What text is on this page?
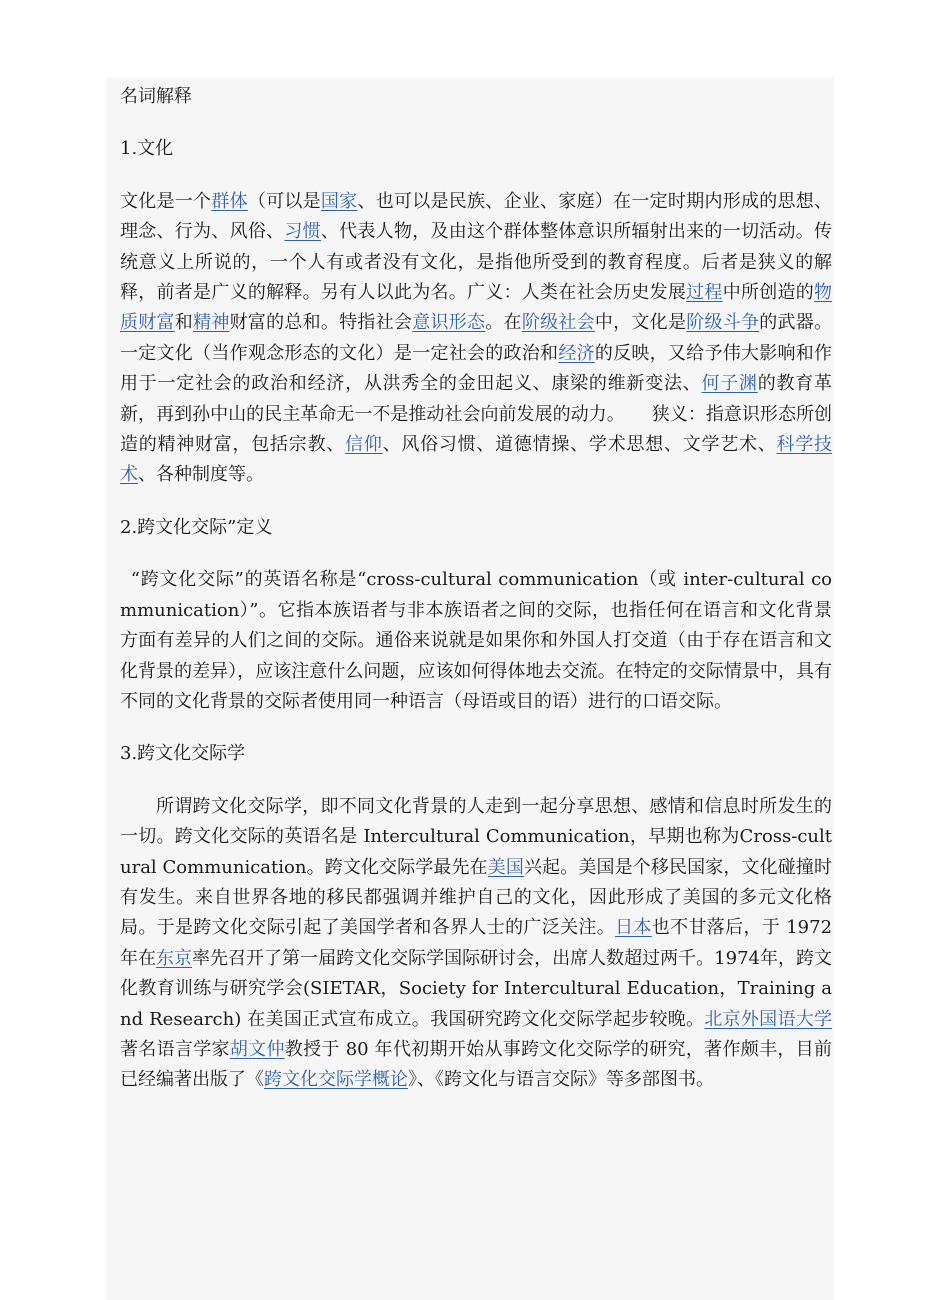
名词解释

1.文化

文化是一个群体（可以是国家、也可以是民族、企业、家庭）在一定时期内形成的思想、理念、行为、风俗、习惯、代表人物，及由这个群体整体意识所辐射出来的一切活动。传统意义上所说的，一个人有或者没有文化，是指他所受到的教育程度。后者是狭义的解释，前者是广义的解释。另有人以此为名。广义：人类在社会历史发展过程中所创造的物质财富和精神财富的总和。特指社会意识形态。在阶级社会中，文化是阶级斗争的武器。一定文化（当作观念形态的文化）是一定社会的政治和经济的反映，又给予伟大影响和作用于一定社会的政治和经济，从洪秀全的金田起义、康梁的维新变法、何子渊的教育革新，再到孙中山的民主革命无一不是推动社会向前发展的动力。　　狭义：指意识形态所创造的精神财富，包括宗教、信仰、风俗习惯、道德情操、学术思想、文学艺术、科学技术、各种制度等。

2.跨文化交际”定义

“跨文化交际”的英语名称是“cross-cultural communication（或 inter-cultural communication）”。它指本族语者与非本族语者之间的交际，也指任何在语言和文化背景方面有差异的人们之间的交际。通俗来说就是如果你和外国人打交道（由于存在语言和文化背景的差异），应该注意什么问题，应该如何得体地去交流。在特定的交际情景中，具有不同的文化背景的交际者使用同一种语言（母语或目的语）进行的口语交际。

3.跨文化交际学

所谓跨文化交际学，即不同文化背景的人走到一起分享思想、感情和信息时所发生的一切。跨文化交际的英语名是 Intercultural Communication，早期也称为Cross-cultural Communication。跨文化交际学最先在美国兴起。美国是个移民国家，文化碰撞时有发生。来自世界各地的移民都强调并维护自己的文化，因此形成了美国的多元文化格局。于是跨文化交际引起了美国学者和各界人士的广泛关注。日本也不甘落后，于 1972 年在东京率先召开了第一届跨文化交际学国际研讨会，出席人数超过两千。1974年，跨文化教育训练与研究学会(SIETAR，Society for Intercultural Education，Training and Research) 在美国正式宣布成立。我国研究跨文化交际学起步较晚。北京外国语大学著名语言学家胡文仲教授于 80 年代初期开始从事跨文化交际学的研究，著作颇丰，目前已经编著出版了《跨文化交际学概论》、《跨文化与语言交际》等多部图书。
